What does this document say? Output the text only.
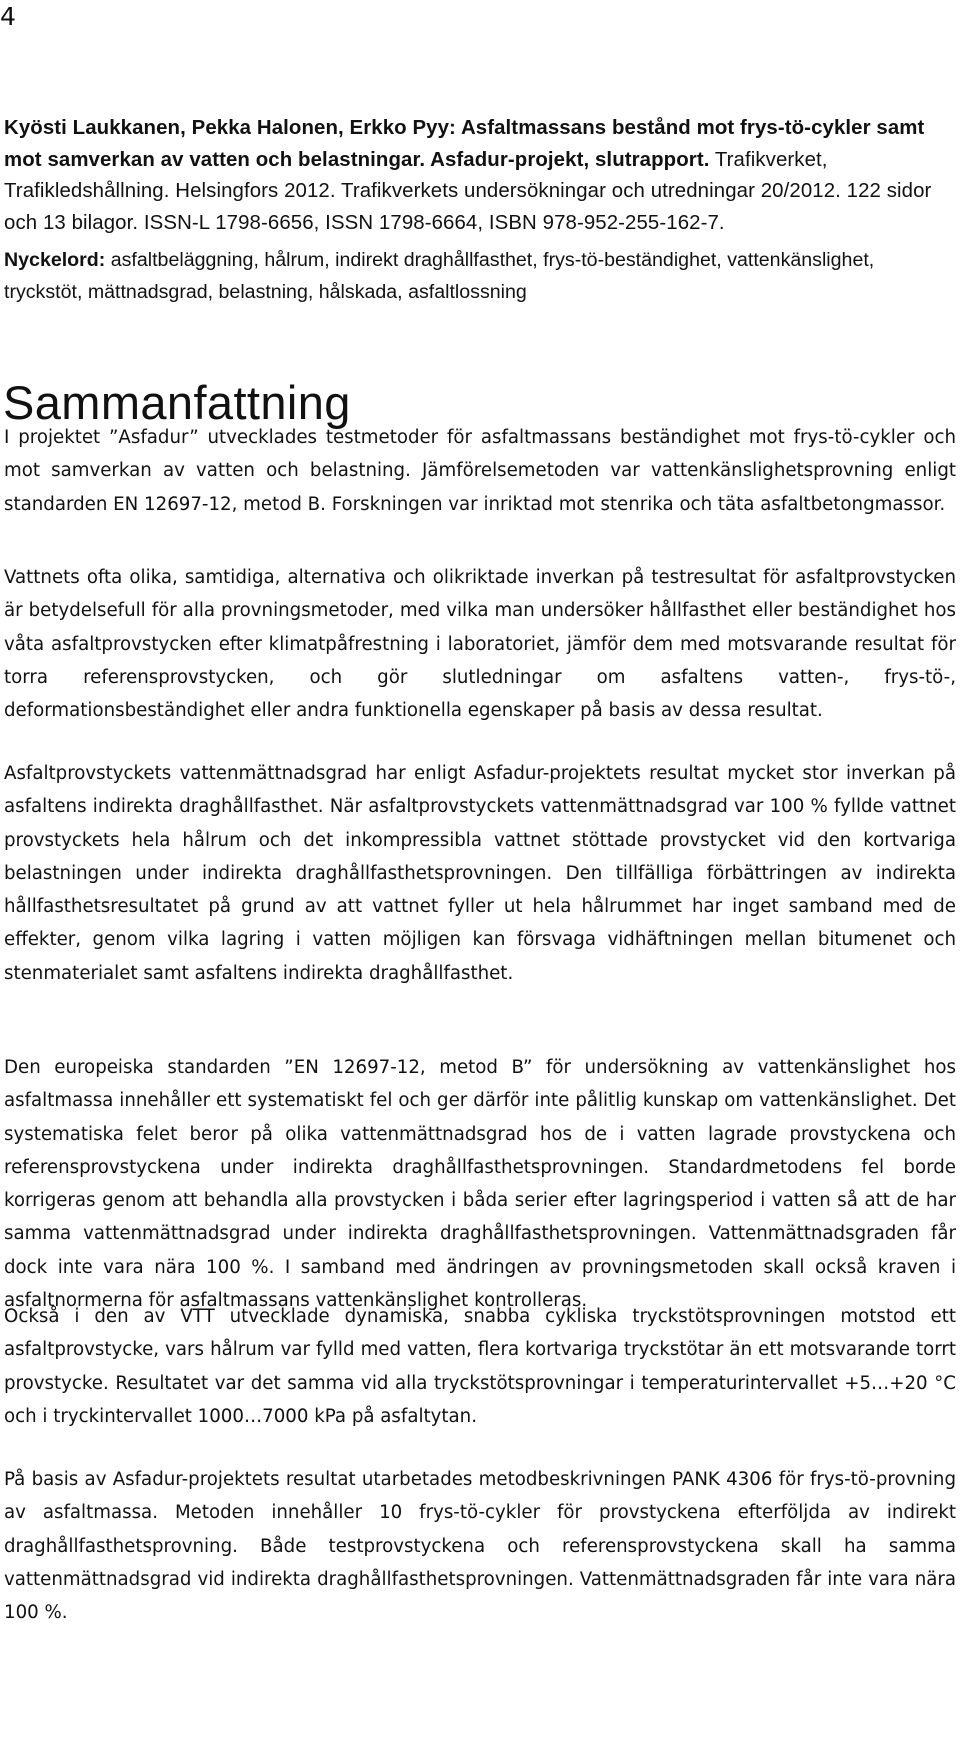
4
Kyösti Laukkanen, Pekka Halonen, Erkko Pyy: Asfaltmassans bestånd mot frys-tö-cykler samt mot samverkan av vatten och belastningar. Asfadur-projekt, slutrapport. Trafikverket, Trafikledshållning. Helsingfors 2012. Trafikverkets undersökningar och utredningar 20/2012. 122 sidor och 13 bilagor. ISSN-L 1798-6656, ISSN 1798-6664, ISBN 978-952-255-162-7.
Nyckelord: asfaltbeläggning, hålrum, indirekt draghållfasthet, frys-tö-beständighet, vattenkänslighet, tryckstöt, mättnadsgrad, belastning, hålskada, asfaltlossning
Sammanfattning

I projektet ”Asfadur” utvecklades testmetoder för asfaltmassans beständighet mot frys-tö-cykler och mot samverkan av vatten och belastning. Jämförelsemetoden var vattenkänslighetsprovning enligt standarden EN 12697-12, metod B. Forskningen var inriktad mot stenrika och täta asfaltbetongmassor.

Vattnets ofta olika, samtidiga, alternativa och olikriktade inverkan på testresultat för asfaltprovstycken är betydelsefull för alla provningsmetoder, med vilka man undersöker hållfasthet eller beständighet hos våta asfaltprovstycken efter klimatpåfrestning i laboratoriet, jämför dem med motsvarande resultat för torra referensprovstycken, och gör slutledningar om asfaltens vatten-, frys-tö-, deformationsbeständighet eller andra funktionella egenskaper på basis av dessa resultat.

Asfaltprovstyckets vattenmättnadsgrad har enligt Asfadur-projektets resultat mycket stor inverkan på asfaltens indirekta draghållfasthet. När asfaltprovstyckets vattenmättnadsgrad var 100 % fyllde vattnet provstyckets hela hålrum och det inkompressibla vattnet stöttade provstycket vid den kortvariga belastningen under indirekta draghållfasthetsprovningen. Den tillfälliga förbättringen av indirekta hållfasthetsresultatet på grund av att vattnet fyller ut hela hålrummet har inget samband med de effekter, genom vilka lagring i vatten möjligen kan försvaga vidhäftningen mellan bitumenet och stenmaterialet samt asfaltens indirekta draghållfasthet.

Den europeiska standarden ”EN 12697-12, metod B” för undersökning av vattenkänslighet hos asfaltmassa innehåller ett systematiskt fel och ger därför inte pålitlig kunskap om vattenkänslighet. Det systematiska felet beror på olika vattenmättnadsgrad hos de i vatten lagrade provstyckena och referensprovstyckena under indirekta draghållfasthetsprovningen. Standardmetodens fel borde korrigeras genom att behandla alla provstycken i båda serier efter lagringsperiod i vatten så att de har samma vattenmättnadsgrad under indirekta draghållfasthetsprovningen. Vattenmättnadsgraden får dock inte vara nära 100 %. I samband med ändringen av provningsmetoden skall också kraven i asfaltnormerna för asfaltmassans vattenkänslighet kontrolleras.

Också i den av VTT utvecklade dynamiska, snabba cykliska tryckstötsprovningen motstod ett asfaltprovstycke, vars hålrum var fylld med vatten, flera kortvariga tryckstötar än ett motsvarande torrt provstycke. Resultatet var det samma vid alla tryckstötsprovningar i temperaturintervallet +5…+20 °C och i tryckintervallet 1000…7000 kPa på asfaltytan.

På basis av Asfadur-projektets resultat utarbetades metodbeskrivningen PANK 4306 för frys-tö-provning av asfaltmassa. Metoden innehåller 10 frys-tö-cykler för provstyckena efterföljda av indirekt draghållfasthetsprovning. Både testprovstyckena och referensprovstyckena skall ha samma vattenmättnadsgrad vid indirekta draghållfasthetsprovningen. Vattenmättnadsgraden får inte vara nära 100 %.
